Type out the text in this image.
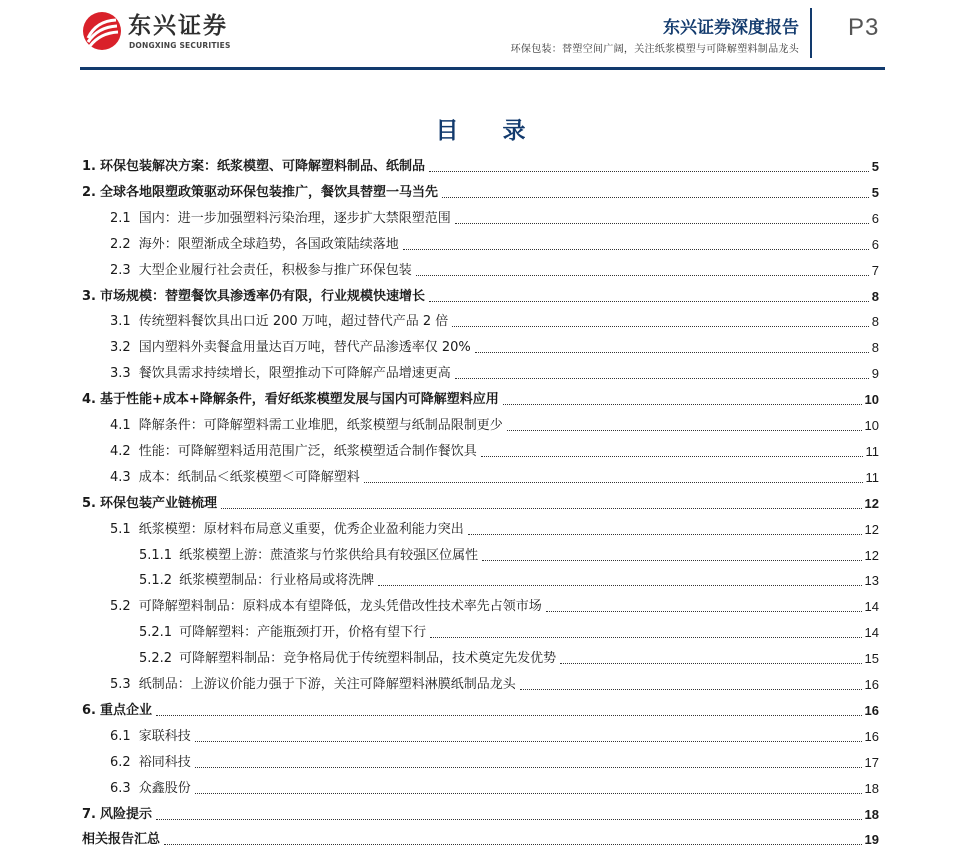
东兴证券
DONGXING SECURITIES
东兴证券深度报告
环保包装：替塑空间广阔，关注纸浆模塑与可降解塑料制品龙头
P3
目 录
1. 环保包装解决方案：纸浆模塑、可降解塑料制品、纸制品	5
2. 全球各地限塑政策驱动环保包装推广，餐饮具替塑一马当先	5
2.1 国内：进一步加强塑料污染治理，逐步扩大禁限塑范围	6
2.2 海外：限塑渐成全球趋势，各国政策陆续落地	6
2.3 大型企业履行社会责任，积极参与推广环保包装	7
3. 市场规模：替塑餐饮具渗透率仍有限，行业规模快速增长	8
3.1 传统塑料餐饮具出口近 200 万吨，超过替代产品 2 倍	8
3.2 国内塑料外卖餐盒用量达百万吨，替代产品渗透率仅 20%	8
3.3 餐饮具需求持续增长，限塑推动下可降解产品增速更高	9
4. 基于性能+成本+降解条件，看好纸浆模塑发展与国内可降解塑料应用	10
4.1 降解条件：可降解塑料需工业堆肥，纸浆模塑与纸制品限制更少	10
4.2 性能：可降解塑料适用范围广泛，纸浆模塑适合制作餐饮具	11
4.3 成本：纸制品＜纸浆模塑＜可降解塑料	11
5. 环保包装产业链梳理	12
5.1 纸浆模塑：原材料布局意义重要，优秀企业盈利能力突出	12
5.1.1 纸浆模塑上游：蔗渣浆与竹浆供给具有较强区位属性	12
5.1.2 纸浆模塑制品：行业格局或将洗牌	13
5.2 可降解塑料制品：原料成本有望降低，龙头凭借改性技术率先占领市场	14
5.2.1 可降解塑料：产能瓶颈打开，价格有望下行	14
5.2.2 可降解塑料制品：竞争格局优于传统塑料制品，技术奠定先发优势	15
5.3 纸制品：上游议价能力强于下游，关注可降解塑料淋膜纸制品龙头	16
6. 重点企业	16
6.1 家联科技	16
6.2 裕同科技	17
6.3 众鑫股份	18
7. 风险提示	18
相关报告汇总	19
